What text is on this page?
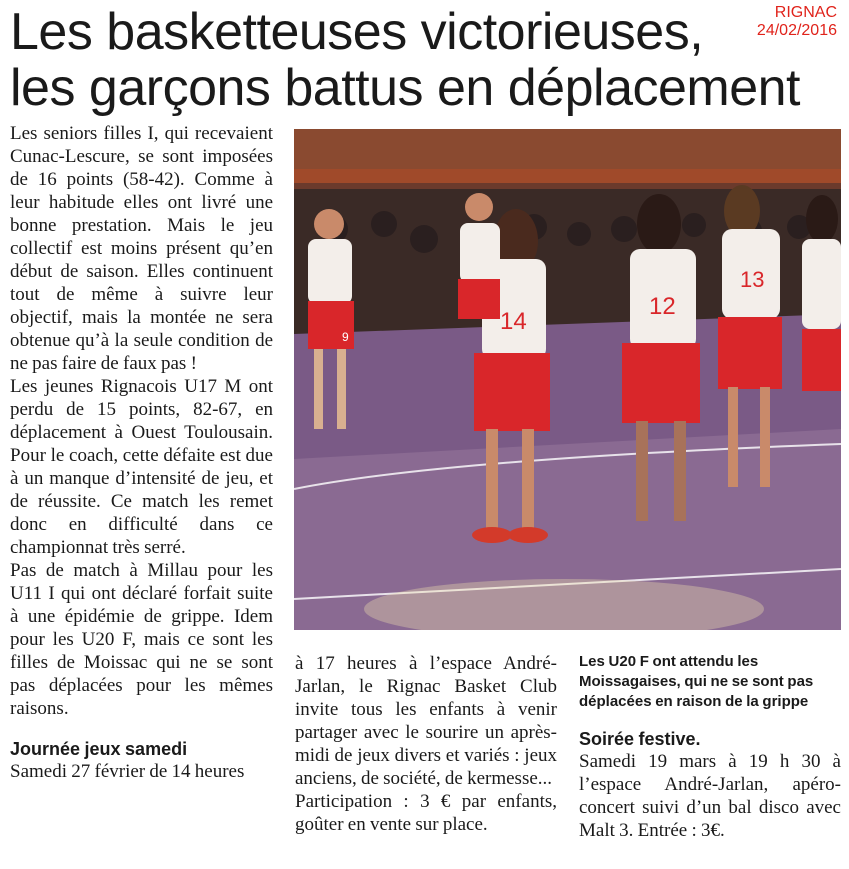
RIGNAC
24/02/2016
Les basketteuses victorieuses,
les garçons battus en déplacement

Les seniors filles I, qui recevaient Cunac-Lescure, se sont imposées de 16 points (58-42). Comme à leur habitude elles ont livré une bonne prestation. Mais le jeu collectif est moins présent qu’en début de saison. Elles continuent tout de même à suivre leur objectif, mais la montée ne sera obtenue qu’à la seule condition de ne pas faire de faux pas !

Les jeunes Rignacois U17 M ont perdu de 15 points, 82-67, en déplacement à Ouest Toulousain. Pour le coach, cette défaite est due à un manque d’intensité de jeu, et de réussite. Ce match les remet donc en difficulté dans ce championnat très serré.

Pas de match à Millau pour les U11 I qui ont déclaré forfait suite à une épidémie de grippe. Idem pour les U20 F, mais ce sont les filles de Moissac qui ne se sont pas déplacées pour les mêmes raisons.

Journée jeux samedi

Samedi 27 février de 14 heures

9
14
12
13

à 17 heures à l’espace André-Jarlan, le Rignac Basket Club invite tous les enfants à venir partager avec le sourire un après-midi de jeux divers et variés : jeux anciens, de société, de kermesse...

Participation : 3 € par enfants, goûter en vente sur place.

Les U20 F ont attendu les Moissagaises, qui ne se sont pas déplacées en raison de la grippe

Soirée festive.

Samedi 19 mars à 19 h 30 à l’espace André-Jarlan, apéro-concert suivi d’un bal disco avec Malt 3. Entrée : 3€.
